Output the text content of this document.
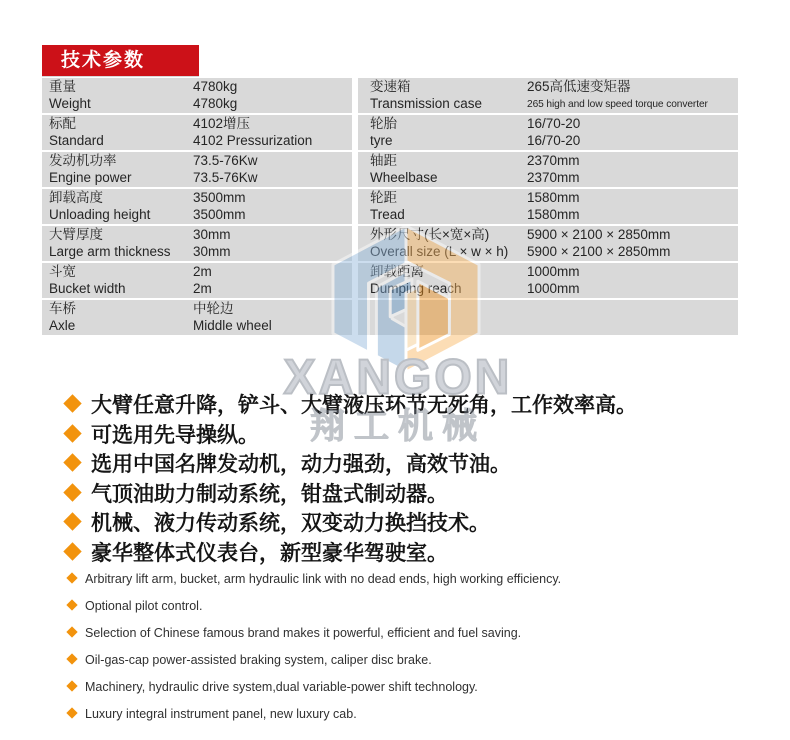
技术参数
重量
Weight
4780kg
4780kg
标配
Standard
4102增压
4102 Pressurization
发动机功率
Engine power
73.5-76Kw
73.5-76Kw
卸载高度
Unloading height
3500mm
3500mm
大臂厚度
Large arm thickness
30mm
30mm
斗宽
Bucket width
2m
2m
车桥
Axle
中轮边
Middle wheel
变速箱
Transmission case
265高低速变矩器
265 high and low speed torque converter
轮胎
tyre
16/70-20
16/70-20
轴距
Wheelbase
2370mm
2370mm
轮距
Tread
1580mm
1580mm
外形尺寸(长×宽×高)
Overall size (L × w × h)
5900 × 2100 × 2850mm
5900 × 2100 × 2850mm
卸载距离
Dumping reach
1000mm
1000mm
大臂任意升降，铲斗、大臂液压环节无死角，工作效率高。
可选用先导操纵。
选用中国名牌发动机，动力强劲，高效节油。
气顶油助力制动系统，钳盘式制动器。
机械、液力传动系统，双变动力换挡技术。
豪华整体式仪表台，新型豪华驾驶室。
Arbitrary lift arm, bucket, arm hydraulic link with no dead ends, high working efficiency.
Optional pilot control.
Selection of Chinese famous brand makes it powerful, efficient and fuel saving.
Oil-gas-cap power-assisted braking system, caliper disc brake.
Machinery, hydraulic drive system,dual variable-power shift technology.
Luxury integral instrument panel, new luxury cab.
XANGON
翔工机械
